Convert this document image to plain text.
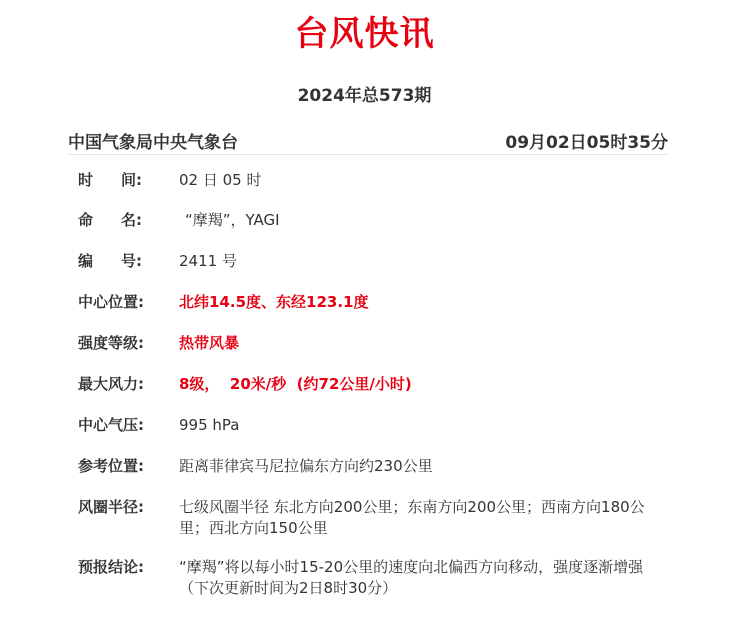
台风快讯
2024年总573期
中国气象局中央气象台	09月02日05时35分
时 间:	02 日 05 时
命 名:	“摩羯”，YAGI
编 号:	2411 号
中心位置:	北纬14.5度、东经123.1度
强度等级:	热带风暴
最大风力:	8级，  20米/秒  (约72公里/小时)
中心气压:	995 hPa
参考位置:	距离菲律宾马尼拉偏东方向约230公里
风圈半径:	七级风圈半径 东北方向200公里；东南方向200公里；西南方向180公里；西北方向150公里
预报结论:	“摩羯”将以每小时15-20公里的速度向北偏西方向移动，强度逐渐增强
（下次更新时间为2日8时30分）
